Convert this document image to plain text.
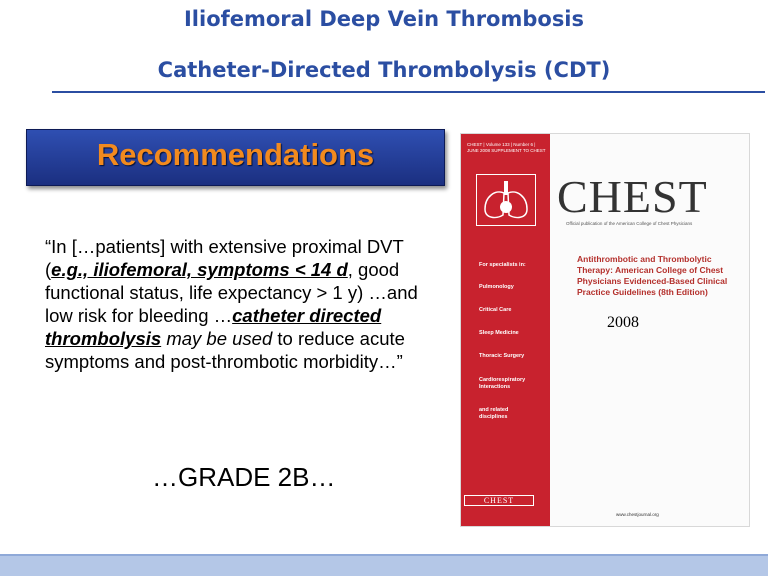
Iliofemoral Deep Vein Thrombosis
Catheter-Directed Thrombolysis (CDT)
Recommendations
“In […patients] with extensive proximal DVT (e.g., iliofemoral, symptoms < 14 d, good functional status, life expectancy > 1 y) …and low risk for bleeding …catheter directed thrombolysis may be used to reduce acute symptoms and post-thrombotic morbidity…”
…GRADE 2B…
CHEST | Volume 133 | Number 6 | JUNE 2008 SUPPLEMENT TO CHEST
For specialists in:
Pulmonology
Critical Care
Sleep Medicine
Thoracic Surgery
Cardiorespiratory Interactions
and related disciplines
CHEST
CHEST
Official publication of the American College of Chest Physicians
Antithrombotic and Thrombolytic Therapy: American College of Chest Physicians Evidenced-Based Clinical Practice Guidelines (8th Edition)
2008
www.chestjournal.org
